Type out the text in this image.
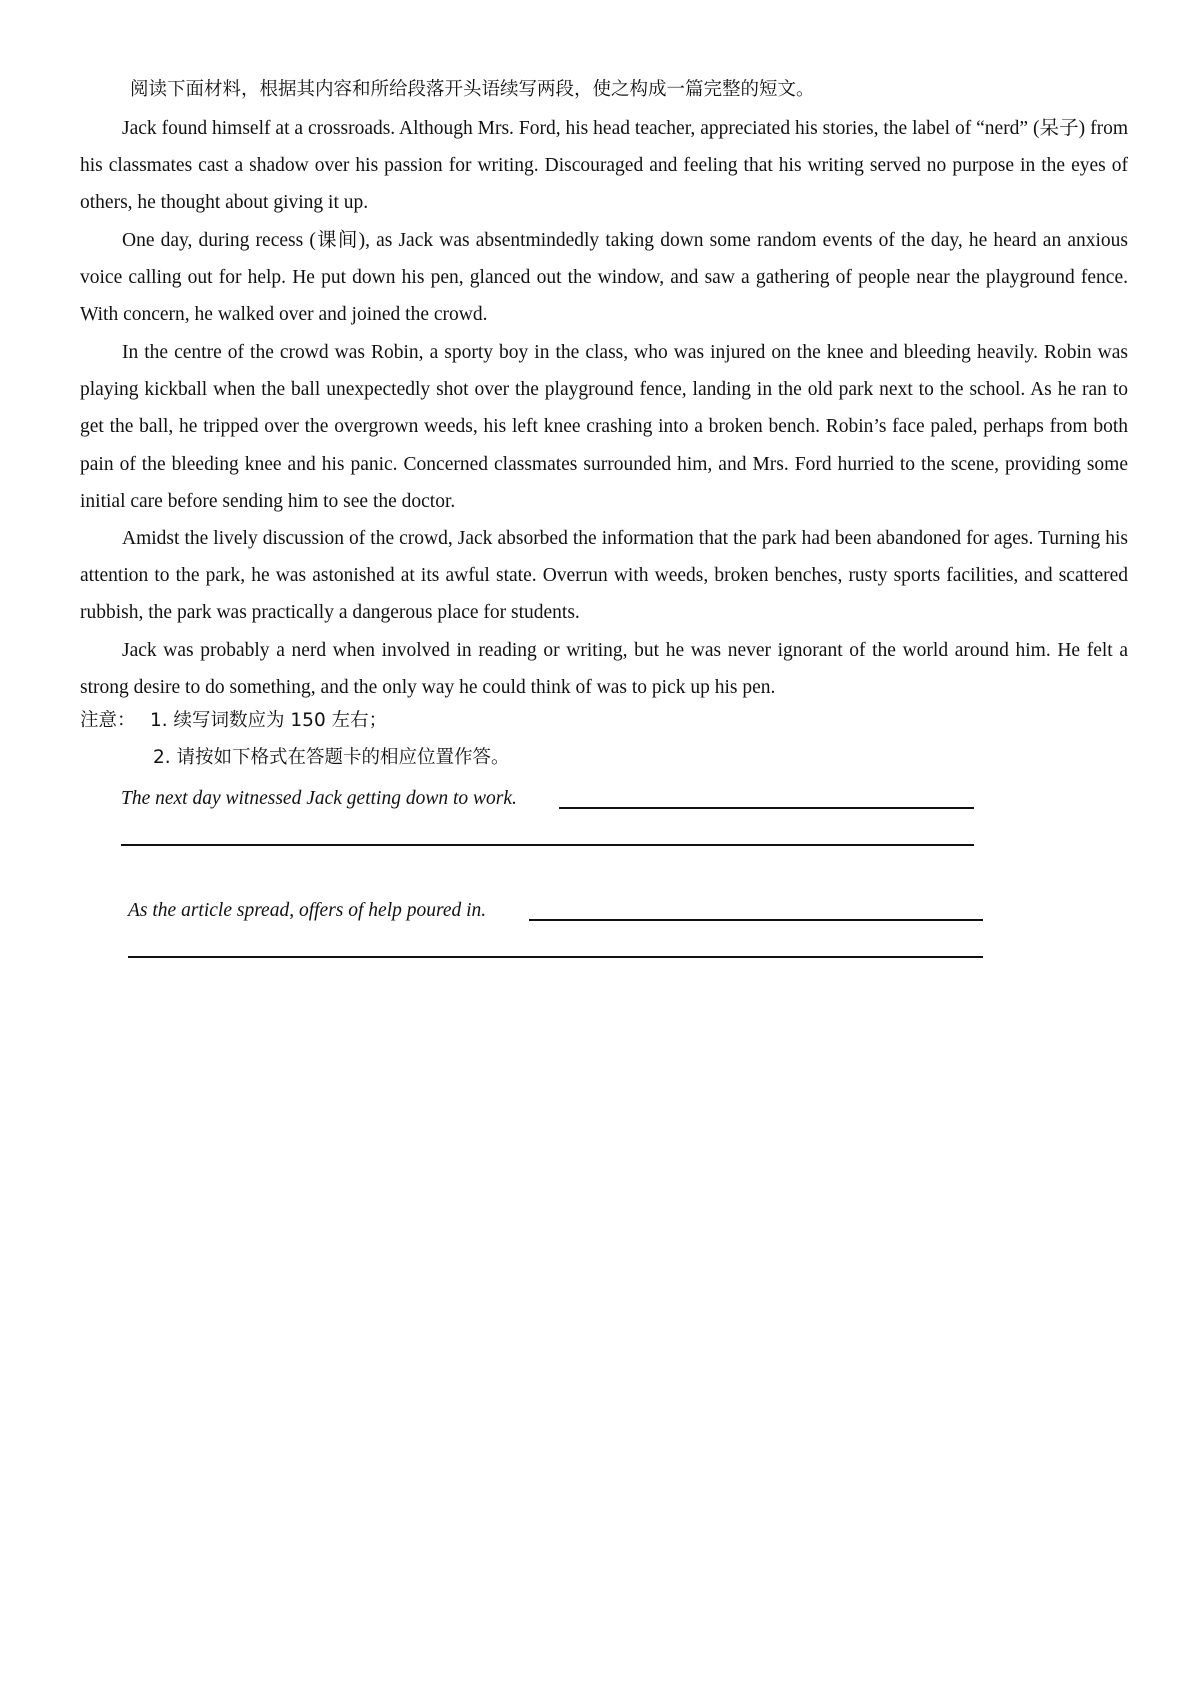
阅读下面材料，根据其内容和所给段落开头语续写两段，使之构成一篇完整的短文。

Jack found himself at a crossroads. Although Mrs. Ford, his head teacher, appreciated his stories, the label of “nerd” (呆子) from his classmates cast a shadow over his passion for writing. Discouraged and feeling that his writing served no purpose in the eyes of others, he thought about giving it up.

One day, during recess (课间), as Jack was absentmindedly taking down some random events of the day, he heard an anxious voice calling out for help. He put down his pen, glanced out the window, and saw a gathering of people near the playground fence. With concern, he walked over and joined the crowd.

In the centre of the crowd was Robin, a sporty boy in the class, who was injured on the knee and bleeding heavily. Robin was playing kickball when the ball unexpectedly shot over the playground fence, landing in the old park next to the school. As he ran to get the ball, he tripped over the overgrown weeds, his left knee crashing into a broken bench. Robin’s face paled, perhaps from both pain of the bleeding knee and his panic. Concerned classmates surrounded him, and Mrs. Ford hurried to the scene, providing some initial care before sending him to see the doctor.

Amidst the lively discussion of the crowd, Jack absorbed the information that the park had been abandoned for ages. Turning his attention to the park, he was astonished at its awful state. Overrun with weeds, broken benches, rusty sports facilities, and scattered rubbish, the park was practically a dangerous place for students.

Jack was probably a nerd when involved in reading or writing, but he was never ignorant of the world around him. He felt a strong desire to do something, and the only way he could think of was to pick up his pen.

注意： 1. 续写词数应为 150 左右；
2. 请按如下格式在答题卡的相应位置作答。
The next day witnessed Jack getting down to work.
As the article spread, offers of help poured in.
